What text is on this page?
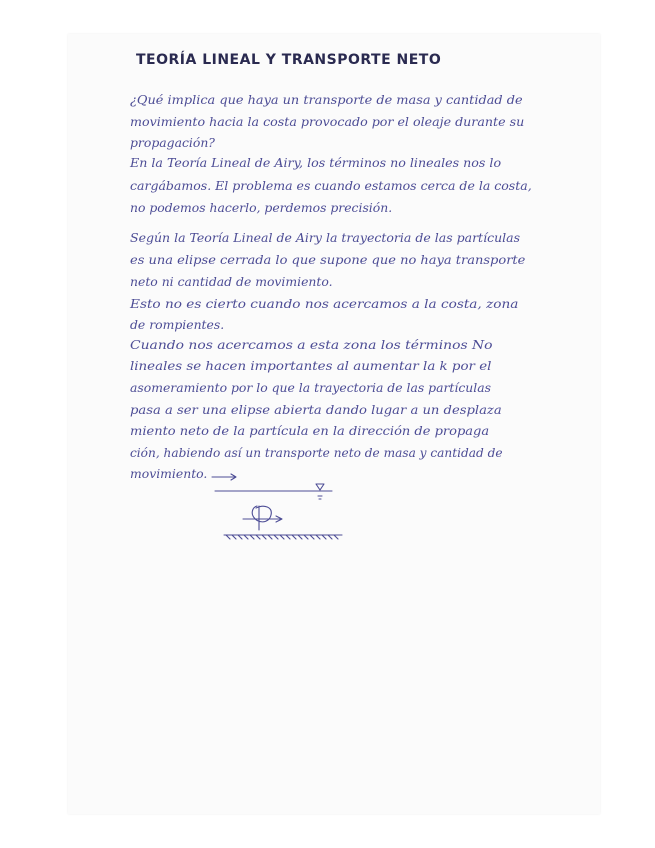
TEORÍA LINEAL Y TRANSPORTE NETO
¿Qué implica que haya un transporte de masa y cantidad de
movimiento hacia la costa provocado por el oleaje durante su
propagación?
En la Teoría Lineal de Airy, los términos no lineales nos lo
cargábamos. El problema es cuando estamos cerca de la costa,
no podemos hacerlo, perdemos precisión.
Según la Teoría Lineal de Airy la trayectoria de las partículas
es una elipse cerrada lo que supone que no haya transporte
neto ni cantidad de movimiento.
Esto no es cierto cuando nos acercamos a la costa, zona
de rompientes.
Cuando nos acercamos a esta zona los términos No
lineales se hacen importantes al aumentar la k por el
asomeramiento por lo que la trayectoria de las partículas
pasa a ser una elipse abierta dando lugar a un desplaza
miento neto de la partícula en la dirección de propaga
ción, habiendo así un transporte neto de masa y cantidad de
movimiento.
